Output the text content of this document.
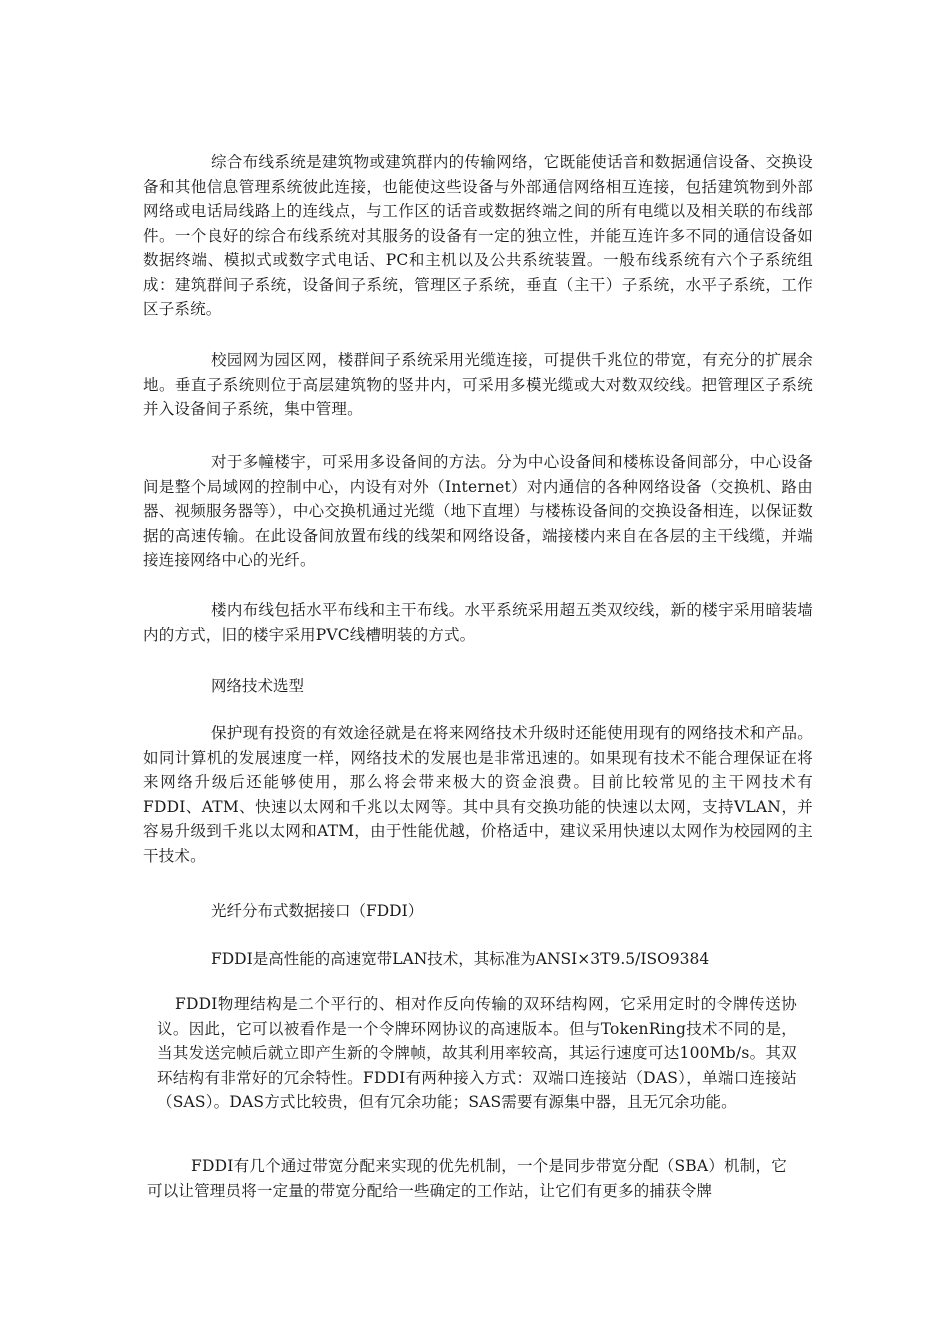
综合布线系统是建筑物或建筑群内的传输网络，它既能使话音和数据通信设备、交换设备和其他信息管理系统彼此连接，也能使这些设备与外部通信网络相互连接，包括建筑物到外部网络或电话局线路上的连线点，与工作区的话音或数据终端之间的所有电缆以及相关联的布线部件。一个良好的综合布线系统对其服务的设备有一定的独立性，并能互连许多不同的通信设备如数据终端、模拟式或数字式电话、PC和主机以及公共系统装置。一般布线系统有六个子系统组成：建筑群间子系统，设备间子系统，管理区子系统，垂直（主干）子系统，水平子系统，工作区子系统。

校园网为园区网，楼群间子系统采用光缆连接，可提供千兆位的带宽，有充分的扩展余地。垂直子系统则位于高层建筑物的竖井内，可采用多模光缆或大对数双绞线。把管理区子系统并入设备间子系统，集中管理。

对于多幢楼宇，可采用多设备间的方法。分为中心设备间和楼栋设备间部分，中心设备间是整个局域网的控制中心，内设有对外（Internet）对内通信的各种网络设备（交换机、路由器、视频服务器等），中心交换机通过光缆（地下直埋）与楼栋设备间的交换设备相连，以保证数据的高速传输。在此设备间放置布线的线架和网络设备，端接楼内来自在各层的主干线缆，并端接连接网络中心的光纤。

楼内布线包括水平布线和主干布线。水平系统采用超五类双绞线，新的楼宇采用暗装墙内的方式，旧的楼宇采用PVC线槽明装的方式。

网络技术选型

保护现有投资的有效途径就是在将来网络技术升级时还能使用现有的网络技术和产品。如同计算机的发展速度一样，网络技术的发展也是非常迅速的。如果现有技术不能合理保证在将来网络升级后还能够使用，那么将会带来极大的资金浪费。目前比较常见的主干网技术有FDDI、ATM、快速以太网和千兆以太网等。其中具有交换功能的快速以太网，支持VLAN，并容易升级到千兆以太网和ATM，由于性能优越，价格适中，建议采用快速以太网作为校园网的主干技术。

光纤分布式数据接口（FDDI）

FDDI是高性能的高速宽带LAN技术，其标准为ANSI×3T9.5/ISO9384

FDDI物理结构是二个平行的、相对作反向传输的双环结构网，它采用定时的令牌传送协议。因此，它可以被看作是一个令牌环网协议的高速版本。但与TokenRing技术不同的是，当其发送完帧后就立即产生新的令牌帧，故其利用率较高，其运行速度可达100Mb/s。其双环结构有非常好的冗余特性。FDDI有两种接入方式：双端口连接站（DAS），单端口连接站（SAS）。DAS方式比较贵，但有冗余功能；SAS需要有源集中器，且无冗余功能。

FDDI有几个通过带宽分配来实现的优先机制，一个是同步带宽分配（SBA）机制，它可以让管理员将一定量的带宽分配给一些确定的工作站，让它们有更多的捕获令牌
